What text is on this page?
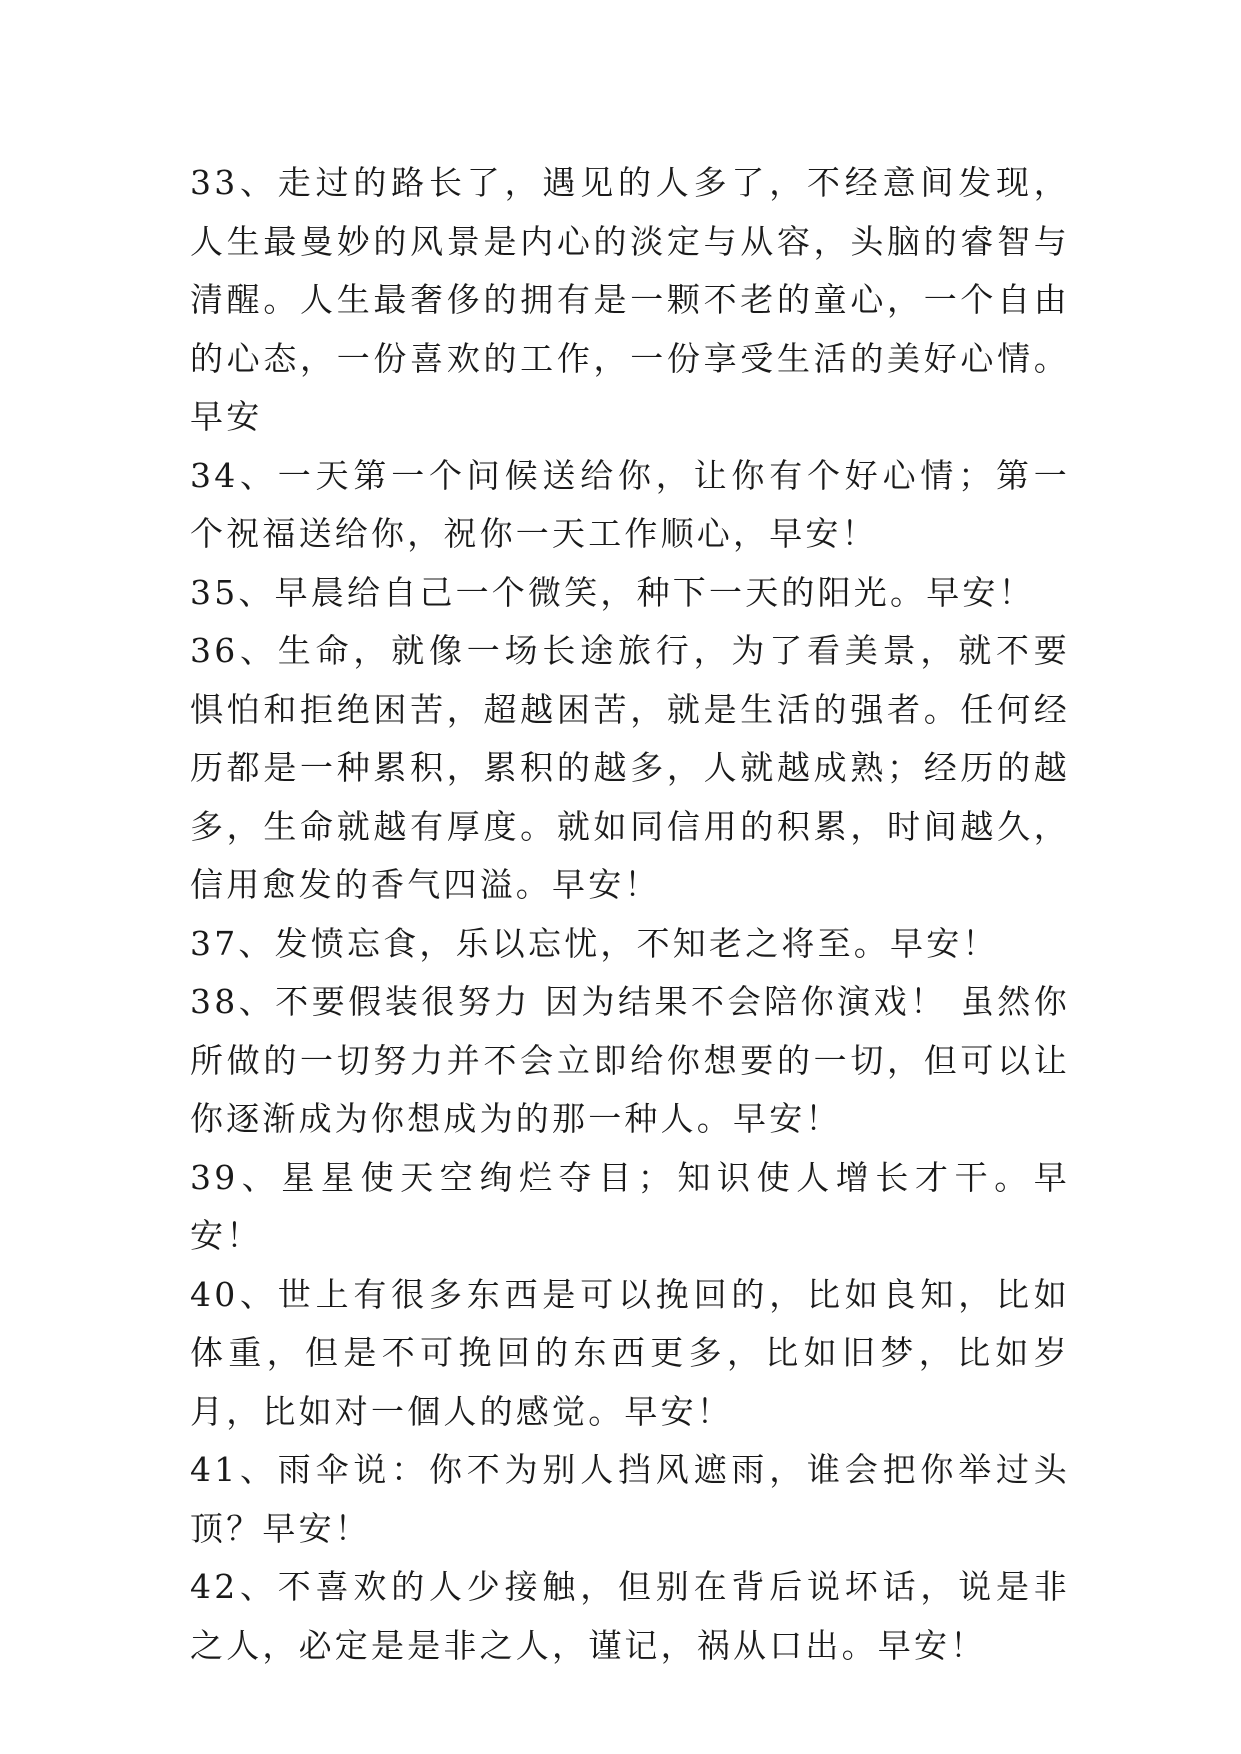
33、走过的路长了，遇见的人多了，不经意间发现，人生最曼妙的风景是内心的淡定与从容，头脑的睿智与清醒。人生最奢侈的拥有是一颗不老的童心，一个自由的心态，一份喜欢的工作，一份享受生活的美好心情。早安

34、一天第一个问候送给你，让你有个好心情；第一个祝福送给你，祝你一天工作顺心，早安！

35、早晨给自己一个微笑，种下一天的阳光。早安！

36、生命，就像一场长途旅行，为了看美景，就不要惧怕和拒绝困苦，超越困苦，就是生活的强者。任何经历都是一种累积，累积的越多，人就越成熟；经历的越多，生命就越有厚度。就如同信用的积累，时间越久，信用愈发的香气四溢。早安！

37、发愤忘食，乐以忘忧，不知老之将至。早安！

38、不要假装很努力 因为结果不会陪你演戏！ 虽然你所做的一切努力并不会立即给你想要的一切，但可以让你逐渐成为你想成为的那一种人。早安！

39、星星使天空绚烂夺目；知识使人增长才干。早安！

40、世上有很多东西是可以挽回的，比如良知，比如体重，但是不可挽回的东西更多，比如旧梦，比如岁月，比如对一個人的感觉。早安！

41、雨伞说：你不为别人挡风遮雨，谁会把你举过头顶？早安！

42、不喜欢的人少接触，但别在背后说坏话，说是非之人，必定是是非之人，谨记，祸从口出。早安！
